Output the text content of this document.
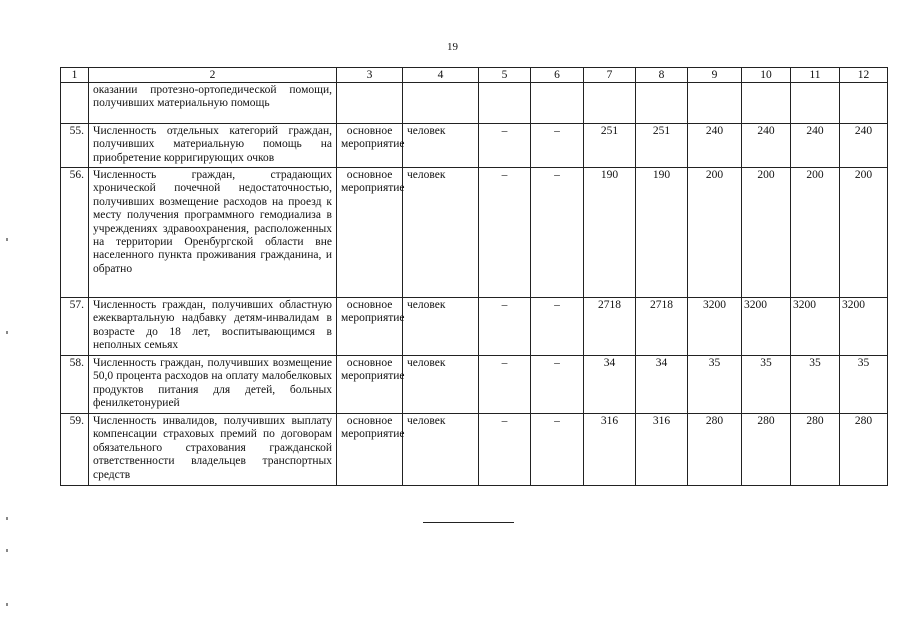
19
1	2	3	4	5	6	7	8	9	10	11	12
	оказании протезно-ортопедической помощи, получивших материальную помощь										
55.	Численность отдельных категорий граждан, получивших материальную помощь на приобретение корригирующих очков	основное мероприятие	человек	–	–	251	251	240	240	240	240
56.	Численность граждан, страдающих хронической почечной недостаточностью, получивших возмещение расходов на проезд к месту получения программного гемодиализа в учреждениях здравоохранения, расположенных на территории Оренбургской области вне населенного пункта проживания гражданина, и обратно	основное мероприятие	человек	–	–	190	190	200	200	200	200
57.	Численность граждан, получивших областную ежеквартальную надбавку детям-инвалидам в возрасте до 18 лет, воспитывающимся в неполных семьях	основное мероприятие	человек	–	–	2718	2718	3200	3200	3200	3200
58.	Численность граждан, получивших возмещение 50,0 процента расходов на оплату малобелковых продуктов питания для детей, больных фенилкетонурией	основное мероприятие	человек	–	–	34	34	35	35	35	35
59.	Численность инвалидов, получивших выплату компенсации страховых премий по договорам обязательного страхования гражданской ответственности владельцев транспортных средств	основное мероприятие	человек	–	–	316	316	280	280	280	280
